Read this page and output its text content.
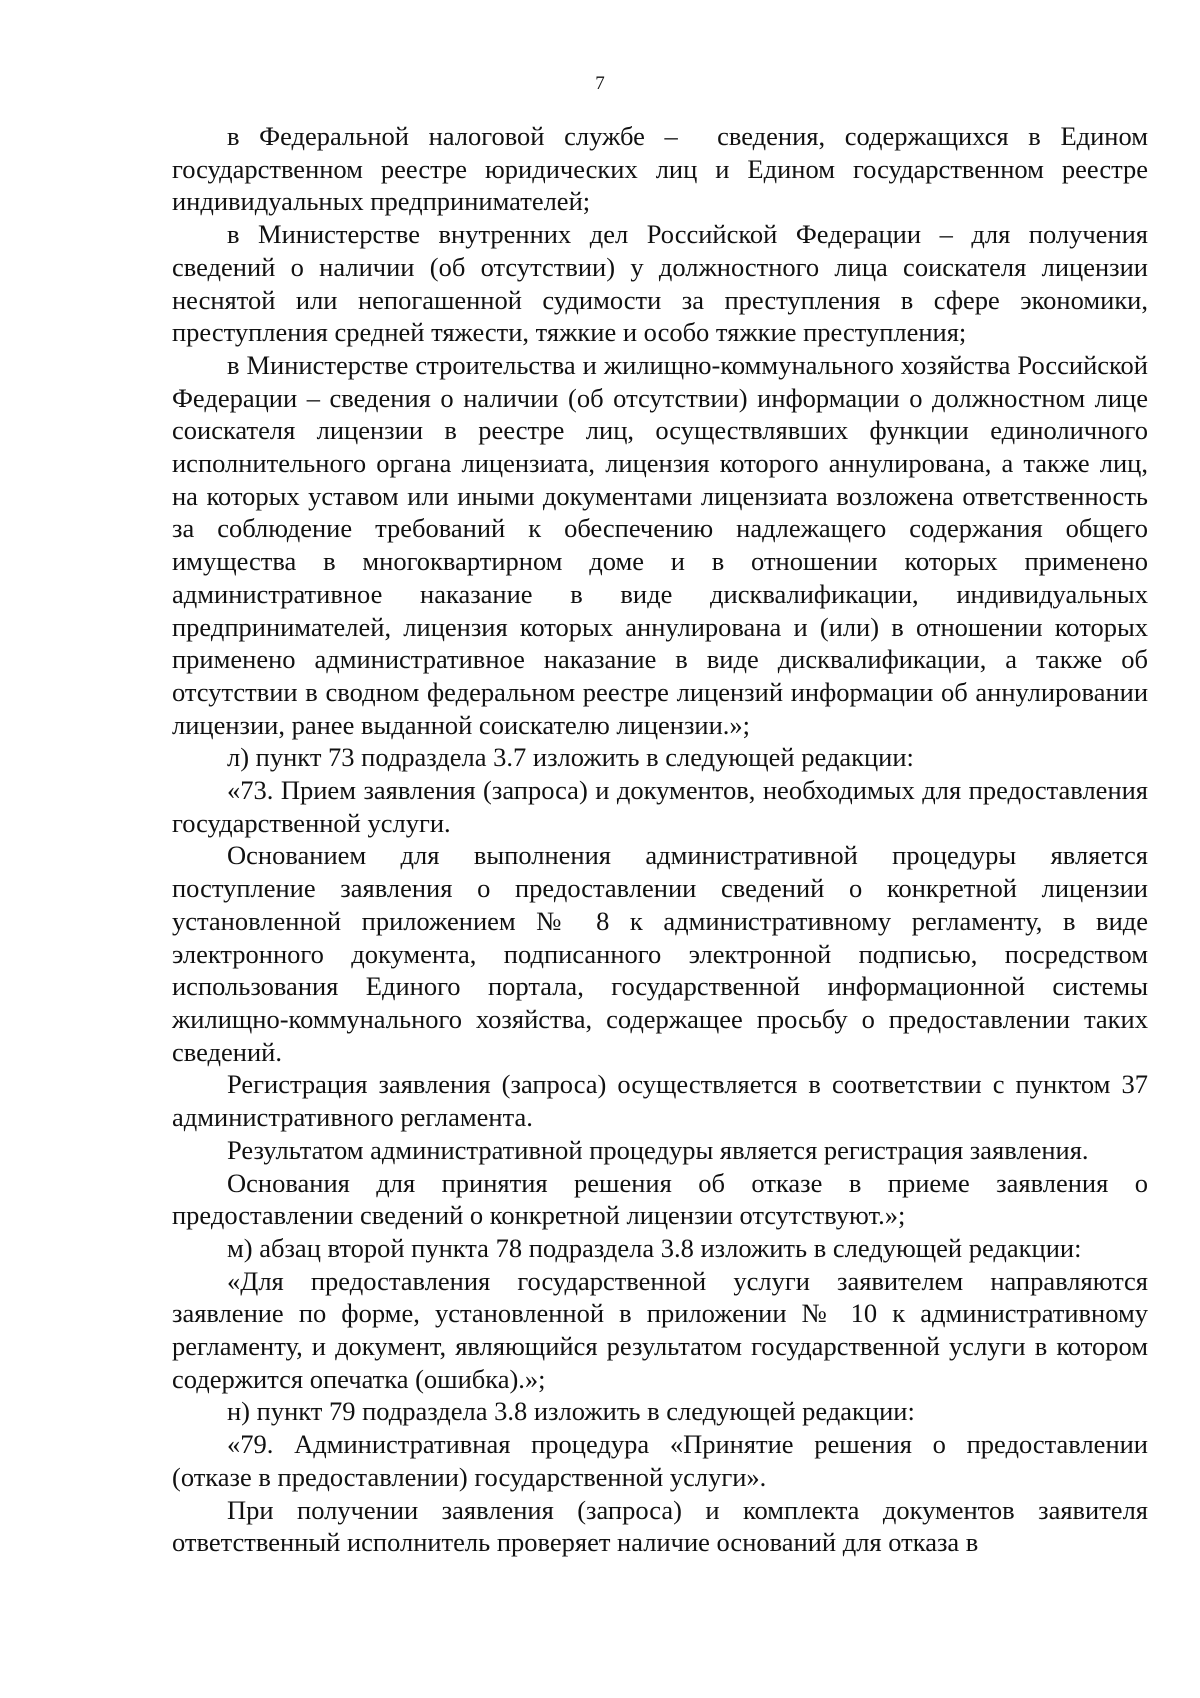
7

в Федеральной налоговой службе –  сведения, содержащихся в Едином государственном реестре юридических лиц и Едином государственном реестре индивидуальных предпринимателей;

в Министерстве внутренних дел Российской Федерации – для получения сведений о наличии (об отсутствии) у должностного лица соискателя лицензии неснятой или непогашенной судимости за преступления в сфере экономики, преступления средней тяжести, тяжкие и особо тяжкие преступления;

в Министерстве строительства и жилищно-коммунального хозяйства Российской Федерации – сведения о наличии (об отсутствии) информации о должностном лице соискателя лицензии в реестре лиц, осуществлявших функции единоличного исполнительного органа лицензиата, лицензия которого аннулирована, а также лиц, на которых уставом или иными документами лицензиата возложена ответственность за соблюдение требований к обеспечению надлежащего содержания общего имущества в многоквартирном доме и в отношении которых применено административное наказание в виде дисквалификации, индивидуальных предпринимателей, лицензия которых аннулирована и (или) в отношении которых применено административное наказание в виде дисквалификации, а также об отсутствии в сводном федеральном реестре лицензий информации об аннулировании лицензии, ранее выданной соискателю лицензии.»;

л) пункт 73 подраздела 3.7 изложить в следующей редакции:

«73. Прием заявления (запроса) и документов, необходимых для предоставления государственной услуги.

Основанием для выполнения административной процедуры является поступление заявления о предоставлении сведений о конкретной лицензии установленной приложением № 8 к административному регламенту, в виде электронного документа, подписанного электронной подписью, посредством использования Единого портала, государственной информационной системы жилищно-коммунального хозяйства, содержащее просьбу о предоставлении таких сведений.

Регистрация заявления (запроса) осуществляется в соответствии с пунктом 37 административного регламента.

Результатом административной процедуры является регистрация заявления.

Основания для принятия решения об отказе в приеме заявления о предоставлении сведений о конкретной лицензии отсутствуют.»;

м) абзац второй пункта 78 подраздела 3.8 изложить в следующей редакции:

«Для предоставления государственной услуги заявителем направляются заявление по форме, установленной в приложении № 10 к административному регламенту, и документ, являющийся результатом государственной услуги в котором содержится опечатка (ошибка).»;

н) пункт 79 подраздела 3.8 изложить в следующей редакции:

«79. Административная процедура «Принятие решения о предоставлении (отказе в предоставлении) государственной услуги».

При получении заявления (запроса) и комплекта документов заявителя ответственный исполнитель проверяет наличие оснований для отказа в
